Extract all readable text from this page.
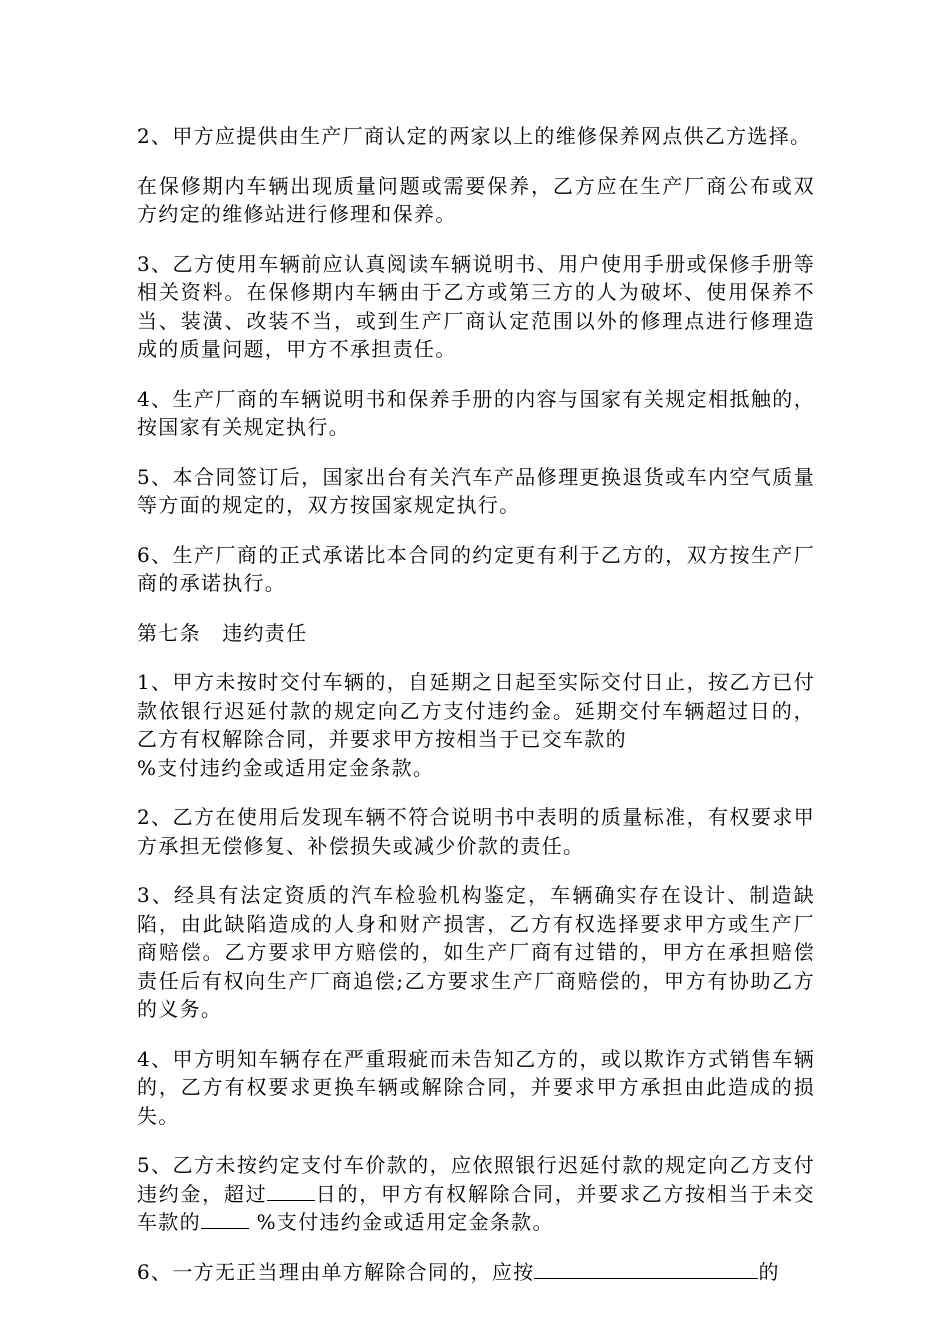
2、甲方应提供由生产厂商认定的两家以上的维修保养网点供乙方选择。

在保修期内车辆出现质量问题或需要保养，乙方应在生产厂商公布或双方约定的维修站进行修理和保养。

3、乙方使用车辆前应认真阅读车辆说明书、用户使用手册或保修手册等相关资料。在保修期内车辆由于乙方或第三方的人为破坏、使用保养不当、装潢、改装不当，或到生产厂商认定范围以外的修理点进行修理造成的质量问题，甲方不承担责任。

4、生产厂商的车辆说明书和保养手册的内容与国家有关规定相抵触的，按国家有关规定执行。

5、本合同签订后，国家出台有关汽车产品修理更换退货或车内空气质量等方面的规定的，双方按国家规定执行。

6、生产厂商的正式承诺比本合同的约定更有利于乙方的，双方按生产厂商的承诺执行。

第七条　违约责任

1、甲方未按时交付车辆的，自延期之日起至实际交付日止，按乙方已付款依银行迟延付款的规定向乙方支付违约金。延期交付车辆超过日的，乙方有权解除合同，并要求甲方按相当于已交车款的
%支付违约金或适用定金条款。

2、乙方在使用后发现车辆不符合说明书中表明的质量标准，有权要求甲方承担无偿修复、补偿损失或减少价款的责任。

3、经具有法定资质的汽车检验机构鉴定，车辆确实存在设计、制造缺陷，由此缺陷造成的人身和财产损害，乙方有权选择要求甲方或生产厂商赔偿。乙方要求甲方赔偿的，如生产厂商有过错的，甲方在承担赔偿责任后有权向生产厂商追偿;乙方要求生产厂商赔偿的，甲方有协助乙方的义务。

4、甲方明知车辆存在严重瑕疵而未告知乙方的，或以欺诈方式销售车辆的，乙方有权要求更换车辆或解除合同，并要求甲方承担由此造成的损失。

5、乙方未按约定支付车价款的，应依照银行迟延付款的规定向乙方支付违约金，超过 日的，甲方有权解除合同，并要求乙方按相当于未交车款的 %支付违约金或适用定金条款。

6、一方无正当理由单方解除合同的，应按	的
